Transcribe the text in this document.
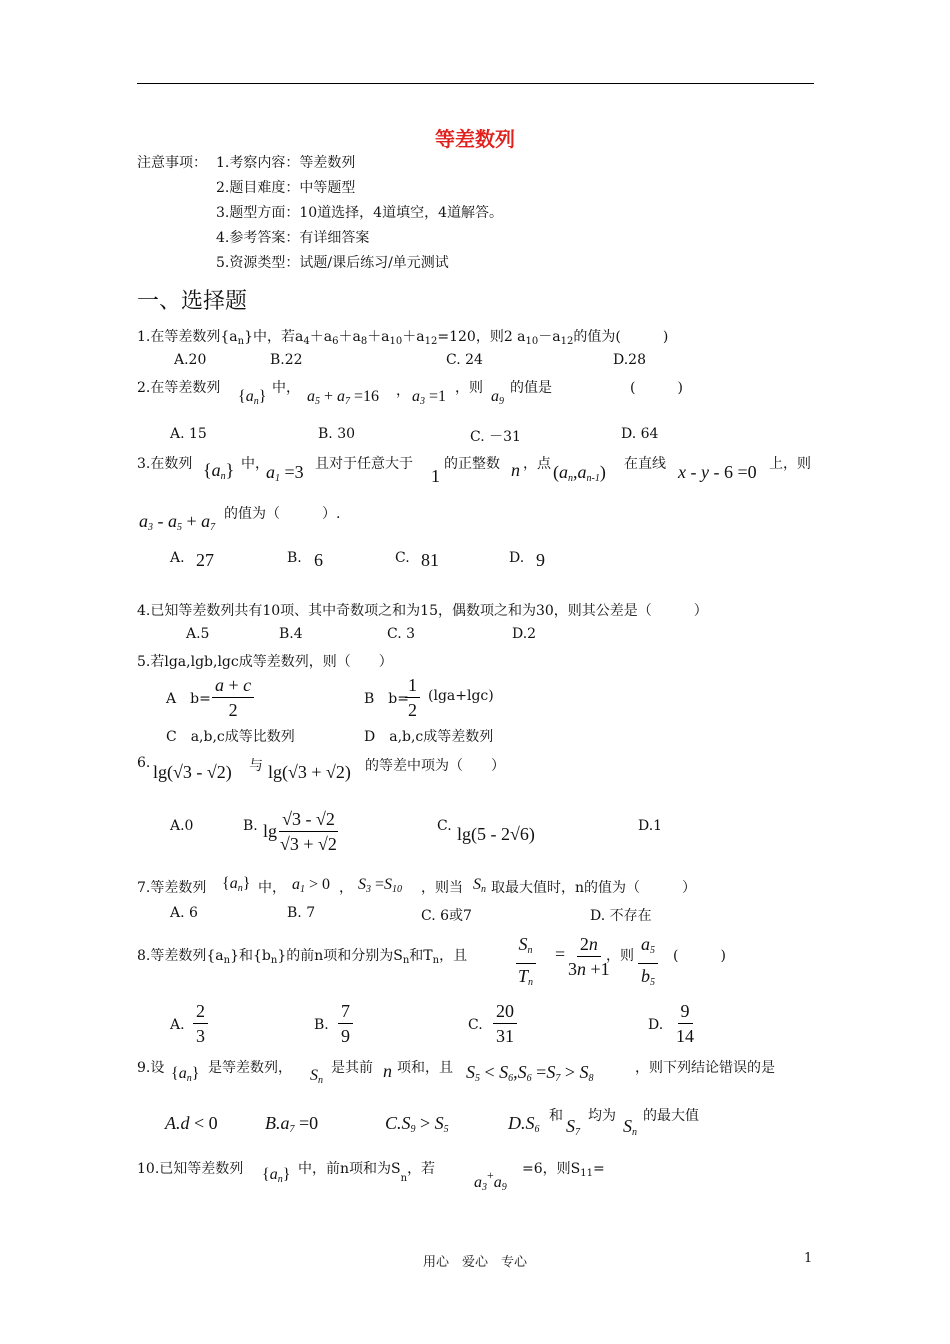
等差数列
注意事项： 1.考察内容：等差数列
2.题目难度：中等题型
3.题型方面：10道选择，4道填空，4道解答。
4.参考答案：有详细答案
5.资源类型：试题/课后练习/单元测试
一、选择题
1.在等差数列$\{a_n\}$中，若$a_4+a_6+a_8+a_{10}+a_{12}=120$，则2 $a_{10}-a_{12}$的值为(　　　)
A.20	B.22	C. 24	D.28
2.在等差数列 $\{a_n\}$ 中， $a_5 + a_7 =16$ ， $a_3 =1$ ，则 $a_9$
的值是	(　　　)
A. 15	B. 30	C. －31	D. 64
3.在数列 $\{a_n\}$ 中，
$a_1 =3$ 且对于任意大于
1
的正整数 n ，点 $(a_n,a_{n-1})$ 在直线 x - y - 6 =0 上，则
$a_3 - a_5 + a_7$
的值为（　　　）.
A. 27	B. 6	C. 81	D. 9
4.已知等差数列共有10项、其中奇数项之和为15，偶数项之和为30，则其公差是（　　　）
A.5	B.4	C. 3	D.2
5.若lga,lgb,lgc成等差数列，则（　　）
A　$b= \frac{a + c}{2}$	B　b=
$\frac{1}{2} (\lg a+\lg c)$
C　a,b,c成等比数列	D　a,b,c成等差数列
6. lg(√3 - √2) 与 lg(√3 + √2) 的等差中项为（　　）
A.0	B. $\lg \frac{√3 - √2}{√3 + √2}$	C. lg(5 - 2√6)	D.1
7.等差数列 $\{a_n\}$ 中， $a_1 > 0$ ， $S_3 =S_{10}$ ，则当 $S_n$ 取最大值时，n的值为（　　　）
A. 6	B. 7	C. 6或7	D. 不存在
8.等差数列$\{a_n\}$和$\{b_n\}$的前n项和分别为$S_n$和$T_n$，且	$\frac{S_n}{T_n} = \frac{2n}{3n +1}$
，则 $\frac{a_5}{b_5}$ (　　　)
A. $\frac{2}{3}$	B. $\frac{7}{9}$	C. $\frac{20}{31}$	D. $\frac{9}{14}$
9.设 $\{a_n\}$ 是等差数列， $S_n$
是其前 n 项和，且 $S_5 < S_6,S_6 =S_7 > S_8$
，则下列结论错误的是
A.d < 0	$B.a_7 =0$	$C.S_9 > S_5$	$D.S_6$
和 $S_7$
均为 $S_n$
的最大值
10.已知等差数列 $\{a_n\}$ 中，前n项和为$S_n$，若
$a_3^+a_9$
=6，则$S_{11}=$
用心　爱心　专心	1
